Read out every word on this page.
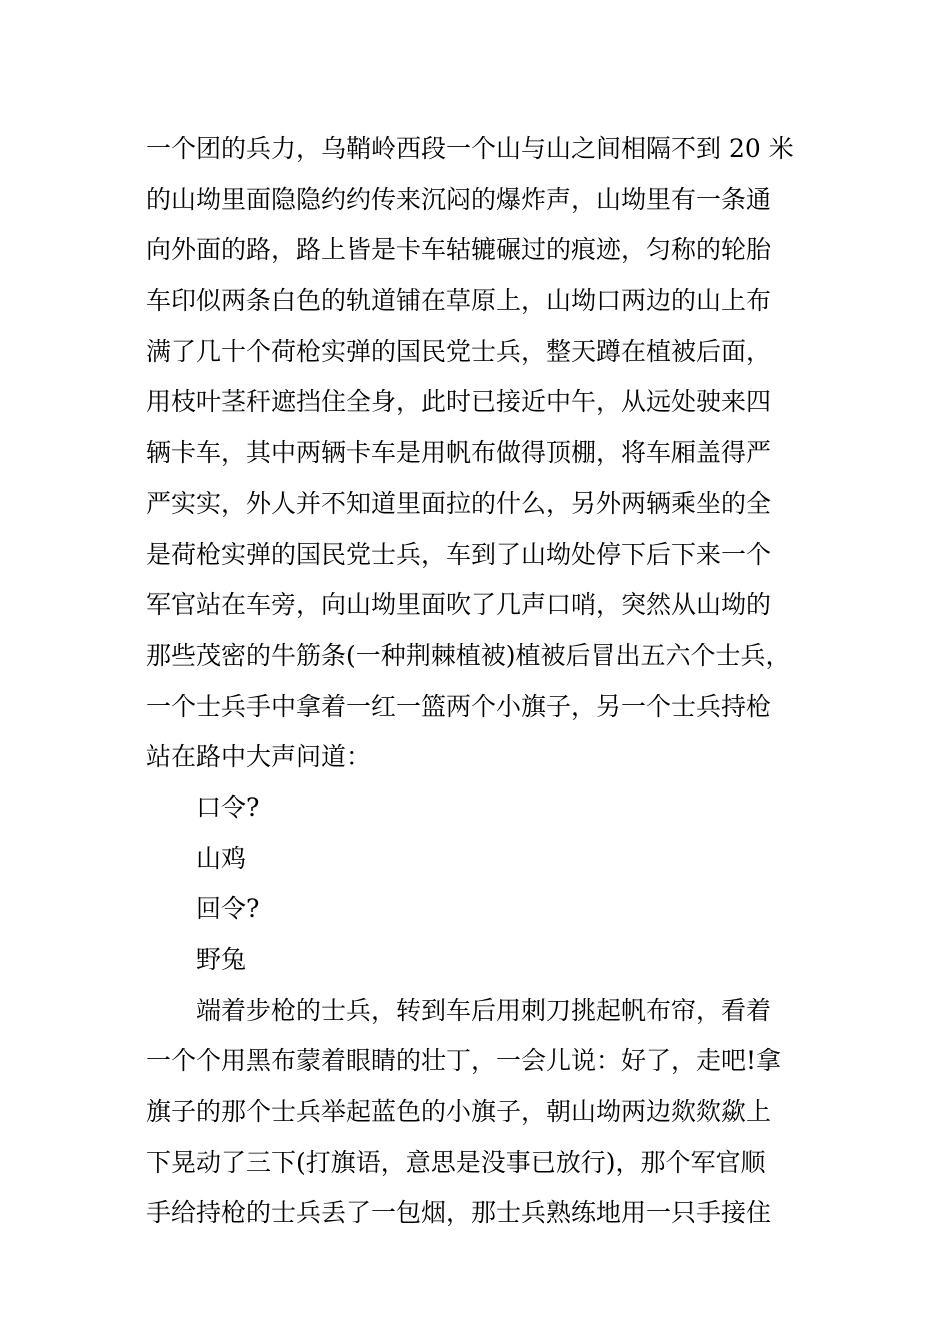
一个团的兵力，乌鞘岭西段一个山与山之间相隔不到 20 米
的山坳里面隐隐约约传来沉闷的爆炸声，山坳里有一条通
向外面的路，路上皆是卡车轱辘碾过的痕迹，匀称的轮胎
车印似两条白色的轨道铺在草原上，山坳口两边的山上布
满了几十个荷枪实弹的国民党士兵，整天蹲在植被后面，
用枝叶茎秆遮挡住全身，此时已接近中午，从远处驶来四
辆卡车，其中两辆卡车是用帆布做得顶棚，将车厢盖得严
严实实，外人并不知道里面拉的什么，另外两辆乘坐的全
是荷枪实弹的国民党士兵，车到了山坳处停下后下来一个
军官站在车旁，向山坳里面吹了几声口哨，突然从山坳的
那些茂密的牛筋条(一种荆棘植被)植被后冒出五六个士兵，
一个士兵手中拿着一红一篮两个小旗子，另一个士兵持枪
站在路中大声问道：
口令?
山鸡
回令?
野兔
端着步枪的士兵，转到车后用刺刀挑起帆布帘，看着
一个个用黑布蒙着眼睛的壮丁，一会儿说：好了，走吧!拿
旗子的那个士兵举起蓝色的小旗子，朝山坳两边欻欻歘上
下晃动了三下(打旗语，意思是没事已放行)，那个军官顺
手给持枪的士兵丢了一包烟，那士兵熟练地用一只手接住
